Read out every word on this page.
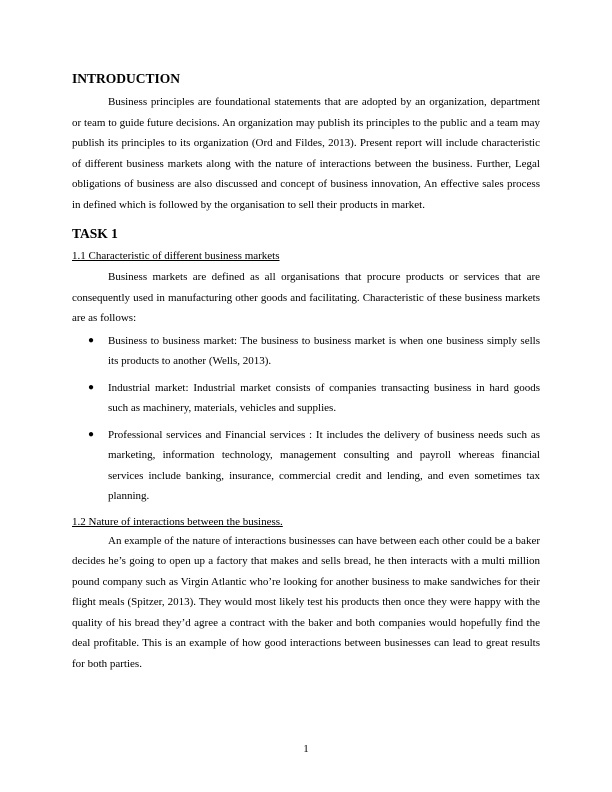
INTRODUCTION

Business principles are foundational statements that are adopted by an organization, department or team to guide future decisions. An organization may publish its principles to the public and a team may publish its principles to its organization (Ord and Fildes, 2013). Present report will include characteristic of different business markets along with the nature of interactions between the business. Further, Legal obligations of business are also discussed and concept of business innovation, An effective sales process in defined which is followed by the organisation to sell their products in market.

TASK 1
1.1 Characteristic of different business markets

Business markets are defined as all organisations that procure products or services that are consequently used in manufacturing other goods and facilitating. Characteristic of these business markets are as follows:

● Business to business market: The business to business market is when one business simply sells its products to another (Wells, 2013).
● Industrial market: Industrial market consists of companies transacting business in hard goods such as machinery, materials, vehicles and supplies.
● Professional services and Financial services : It includes the delivery of business needs such as marketing, information technology, management consulting and payroll whereas financial services include banking, insurance, commercial credit and lending, and even sometimes tax planning.
1.2 Nature of interactions between the business.

An example of the nature of interactions businesses can have between each other could be a baker decides he’s going to open up a factory that makes and sells bread, he then interacts with a multi million pound company such as Virgin Atlantic who’re looking for another business to make sandwiches for their flight meals (Spitzer, 2013). They would most likely test his products then once they were happy with the quality of his bread they’d agree a contract with the baker and both companies would hopefully find the deal profitable. This is an example of how good interactions between businesses can lead to great results for both parties.

1
